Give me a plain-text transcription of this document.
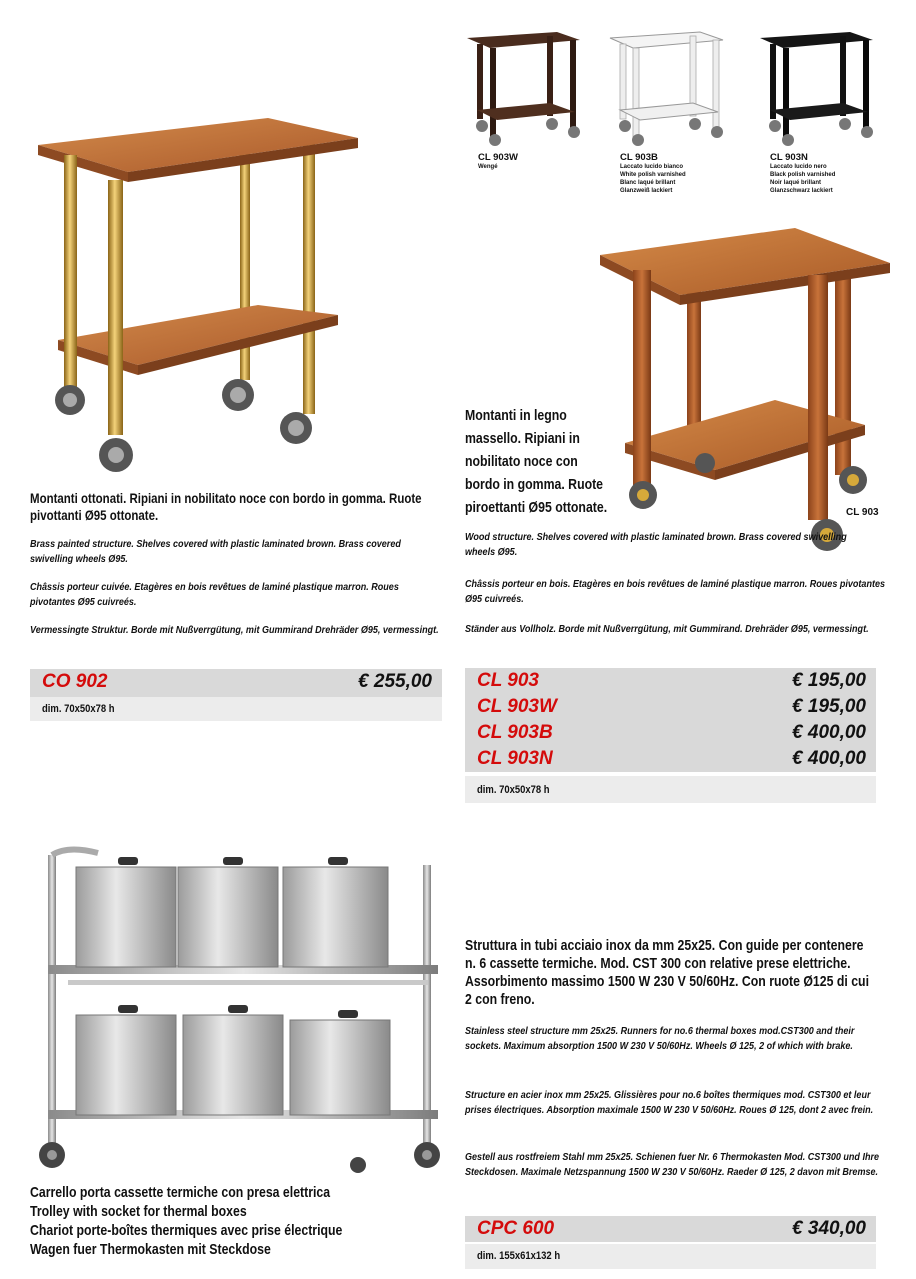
Montanti ottonati. Ripiani in nobilitato noce con bordo in gomma. Ruote pivottanti Ø95 ottonate.
Brass painted structure. Shelves covered with plastic laminated brown. Brass covered swivelling wheels Ø95.
Châssis porteur cuivée. Etagères en bois revêtues de laminé plastique marron. Roues pivotantes Ø95 cuivreés.
Vermessingte Struktur. Borde mit Nußverrgütung, mit Gummirand Drehräder Ø95, vermessingt.
CO 902	€ 255,00
dim. 70x50x78 h
CL 903W
Wengé
CL 903B
Laccato lucido bianco
White polish varnished
Blanc laqué brillant
Glanzweiß lackiert
CL 903N
Laccato lucido nero
Black polish varnished
Noir laqué brillant
Glanzschwarz lackiert
CL 903
Montanti in legno massello. Ripiani in nobilitato noce con bordo in gomma. Ruote piroettanti Ø95 ottonate.
Wood structure. Shelves covered with plastic laminated brown. Brass covered swivelling wheels Ø95.
Châssis porteur en bois. Etagères en bois revêtues de laminé plastique marron. Roues pivotantes Ø95 cuivreés.
Ständer aus Vollholz. Borde mit Nußverrgütung, mit Gummirand. Drehräder Ø95, vermessingt.
CL 903	€ 195,00
CL 903W	€ 195,00
CL 903B	€ 400,00
CL 903N	€ 400,00
dim. 70x50x78 h
Carrello porta cassette termiche con presa elettrica
Trolley with socket for thermal boxes
Chariot porte-boîtes thermiques avec prise électrique
Wagen fuer Thermokasten mit Steckdose
Struttura in tubi acciaio inox da mm 25x25. Con guide per contenere n. 6 cassette termiche. Mod. CST 300 con relative prese elettriche. Assorbimento massimo 1500 W 230 V 50/60Hz. Con ruote Ø125 di cui 2 con freno.
Stainless steel structure mm 25x25. Runners for no.6 thermal boxes mod.CST300 and their sockets. Maximum absorption 1500 W 230 V 50/60Hz. Wheels Ø 125, 2 of which with brake.
Structure en acier inox mm 25x25. Glissières pour no.6 boîtes thermiques mod. CST300 et leur prises électriques. Absorption maximale 1500 W 230 V 50/60Hz. Roues Ø 125, dont 2 avec frein.
Gestell aus rostfreiem Stahl mm 25x25. Schienen fuer Nr. 6 Thermokasten Mod. CST300 und Ihre Steckdosen. Maximale Netzspannung 1500 W 230 V 50/60Hz. Raeder Ø 125, 2 davon mit Bremse.
CPC 600	€ 340,00
dim. 155x61x132 h
